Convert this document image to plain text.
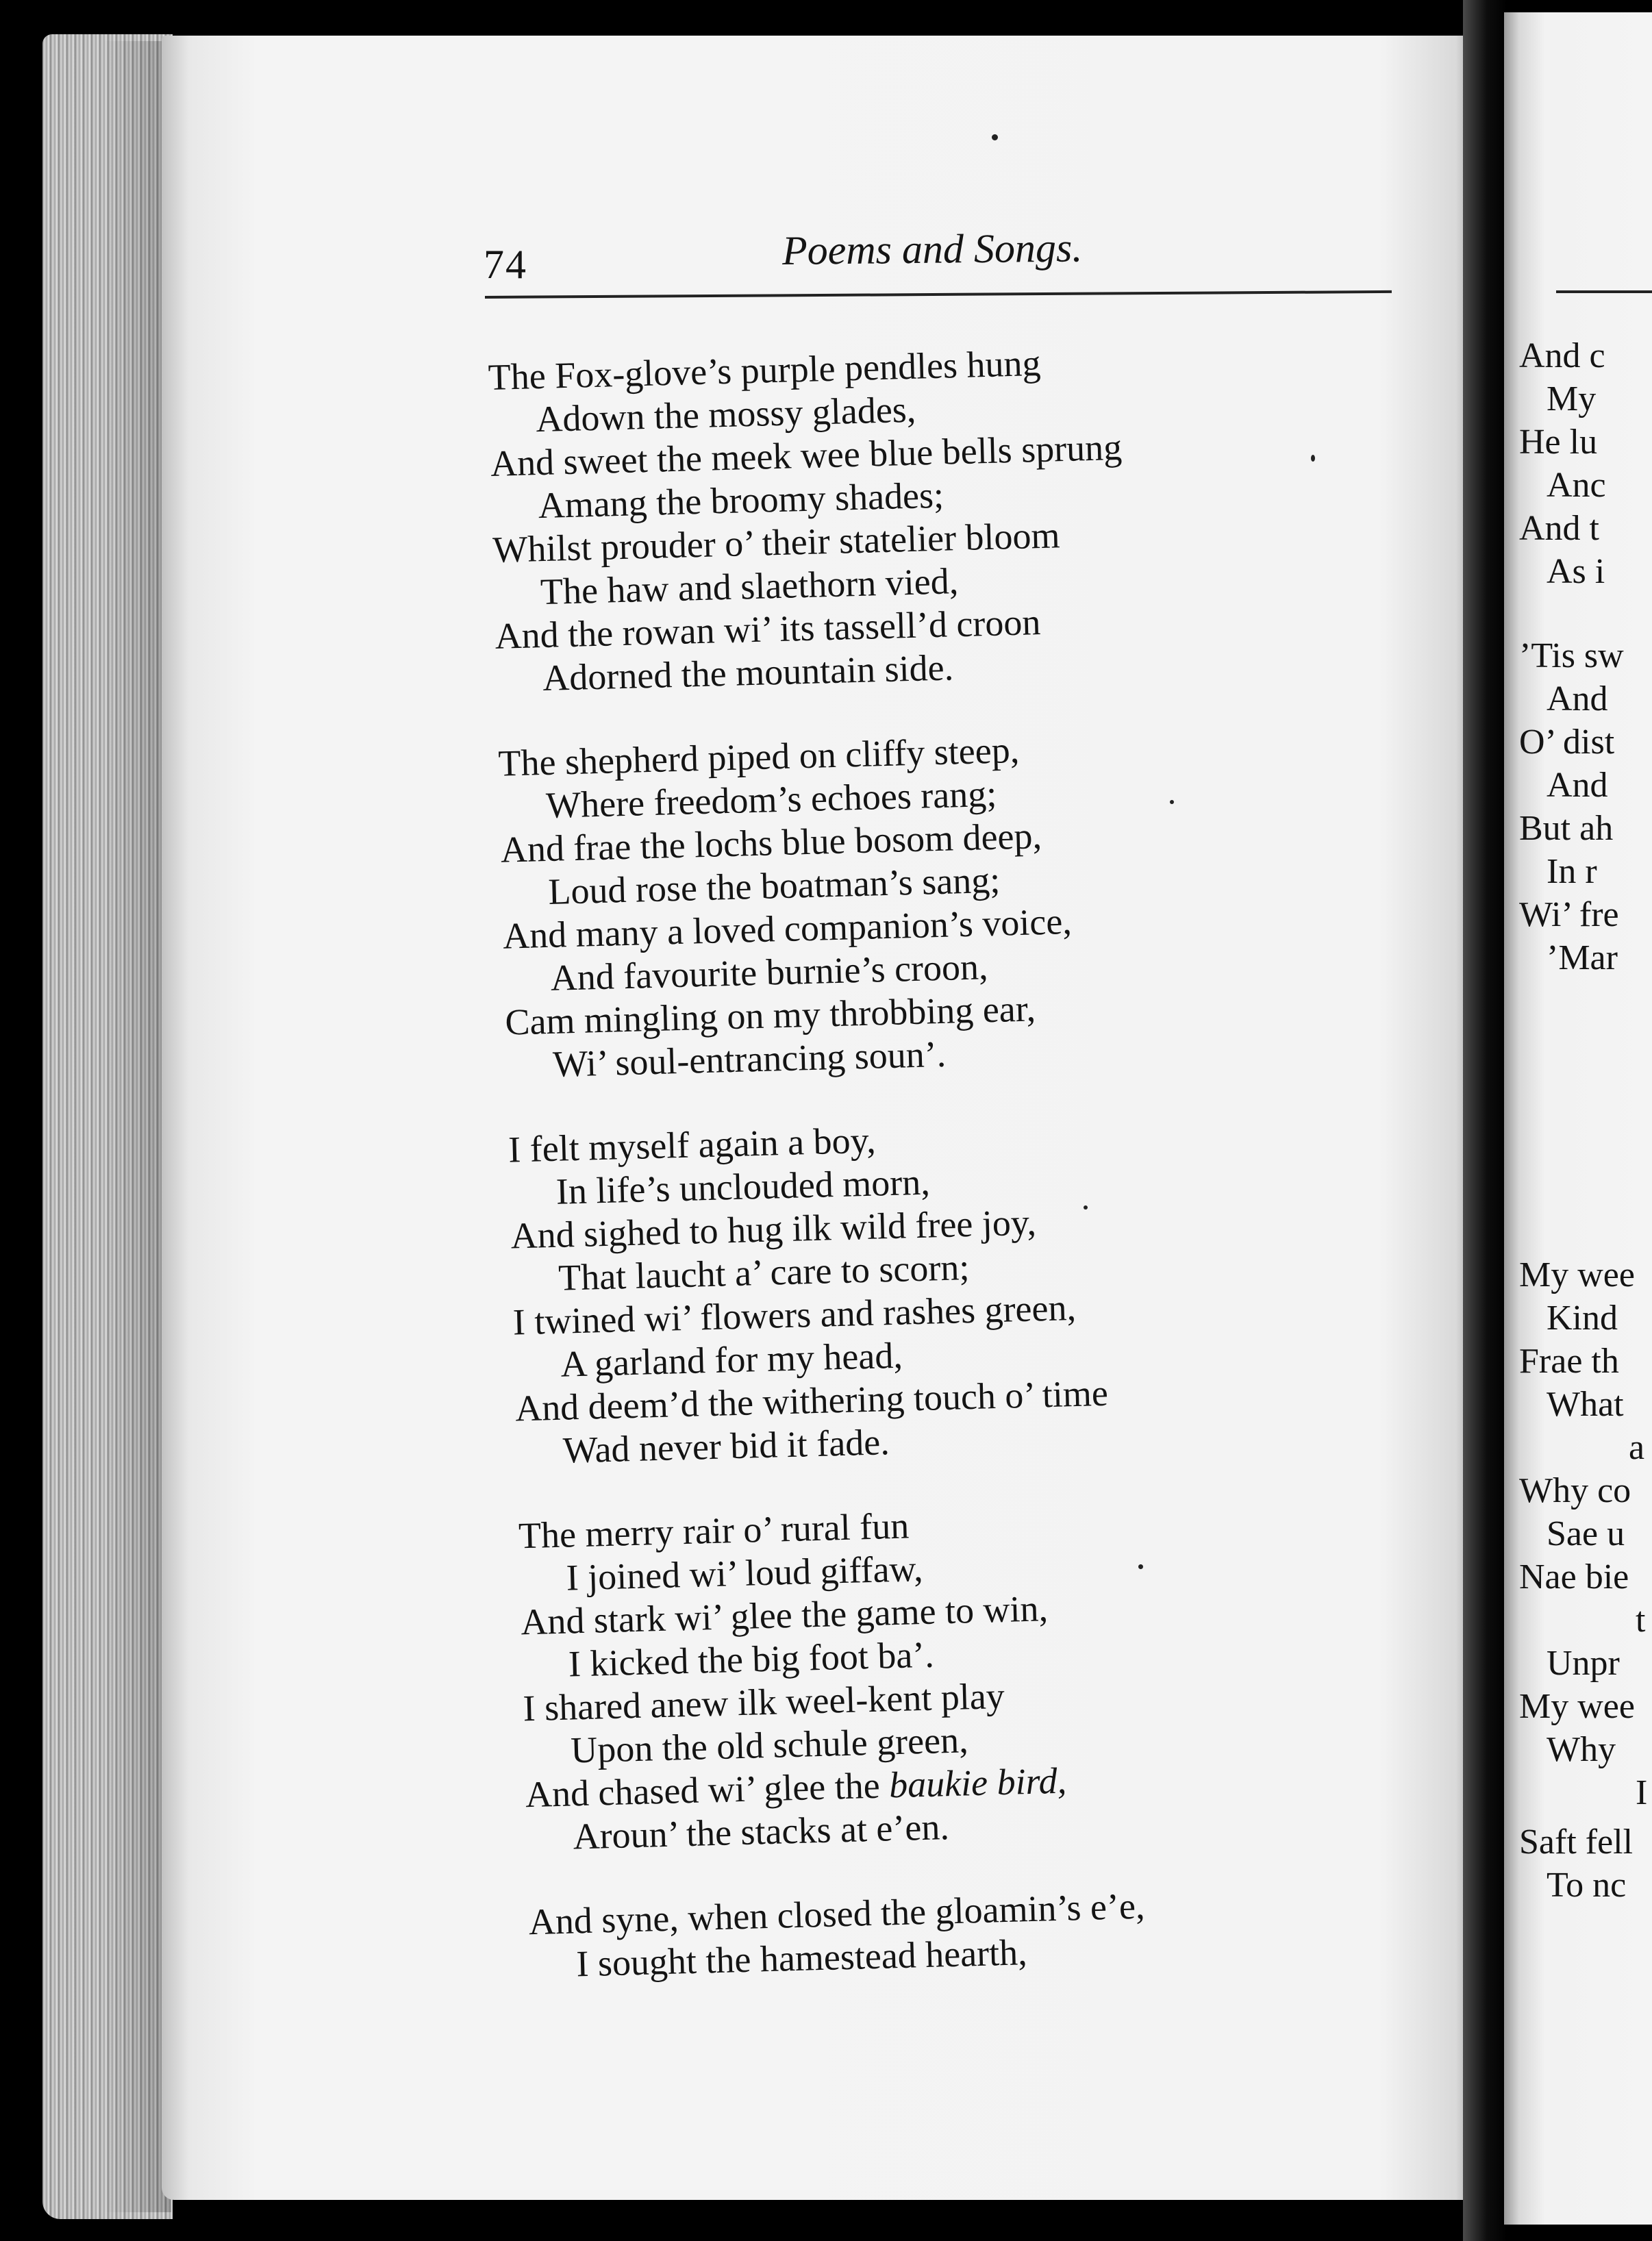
74	Poems and Songs.
The Fox-glove’s purple pendles hung
Adown the mossy glades,
And sweet the meek wee blue bells sprung
Amang the broomy shades;
Whilst prouder o’ their statelier bloom
The haw and slaethorn vied,
And the rowan wi’ its tassell’d croon
Adorned the mountain side.
The shepherd piped on cliffy steep,
Where freedom’s echoes rang;
And frae the lochs blue bosom deep,
Loud rose the boatman’s sang;
And many a loved companion’s voice,
And favourite burnie’s croon,
Cam mingling on my throbbing ear,
Wi’ soul-entrancing soun’.
I felt myself again a boy,
In life’s unclouded morn,
And sighed to hug ilk wild free joy,
That laucht a’ care to scorn;
I twined wi’ flowers and rashes green,
A garland for my head,
And deem’d the withering touch o’ time
Wad never bid it fade.
The merry rair o’ rural fun
I joined wi’ loud giffaw,
And stark wi’ glee the game to win,
I kicked the big foot ba’.
I shared anew ilk weel-kent play
Upon the old schule green,
And chased wi’ glee the baukie bird,
Aroun’ the stacks at e’en.
And syne, when closed the gloamin’s e’e,
I sought the hamestead hearth,
And c
My
He lu
Anc
And t
As i
’Tis sw
And
O’ dist
And
But ah
In r
Wi’ fre
’Mar
My wee
Kind
Frae th
What
a
Why co
Sae u
Nae bie
t
Unpr
My wee
Why
I
Saft fell
To nc
